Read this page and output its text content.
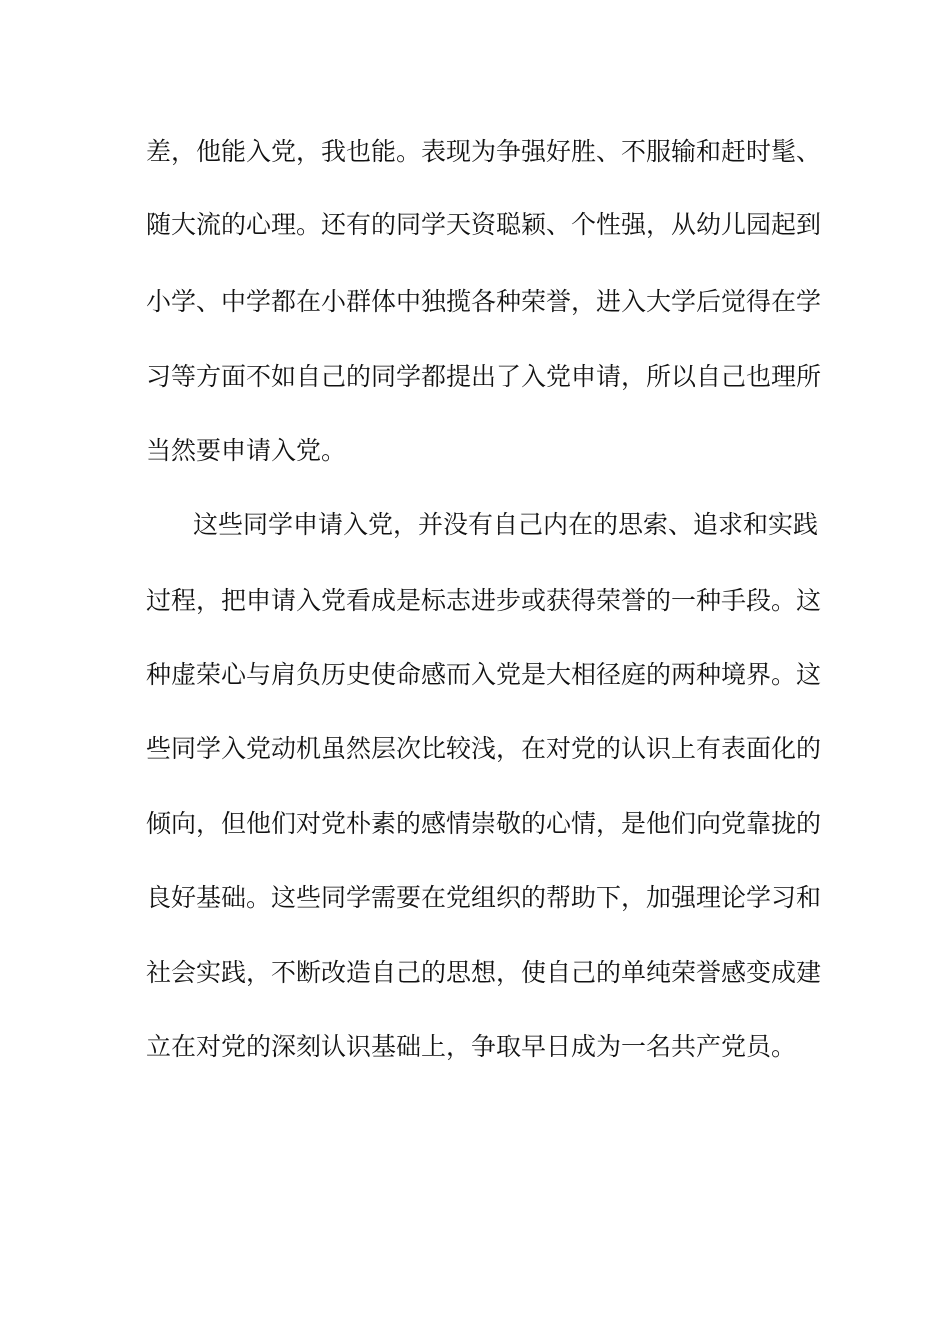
差，他能入党，我也能。表现为争强好胜、不服输和赶时髦、
随大流的心理。还有的同学天资聪颖、个性强，从幼儿园起到
小学、中学都在小群体中独揽各种荣誉，进入大学后觉得在学
习等方面不如自己的同学都提出了入党申请，所以自己也理所
当然要申请入党。
这些同学申请入党，并没有自己内在的思索、追求和实践
过程，把申请入党看成是标志进步或获得荣誉的一种手段。这
种虚荣心与肩负历史使命感而入党是大相径庭的两种境界。这
些同学入党动机虽然层次比较浅，在对党的认识上有表面化的
倾向，但他们对党朴素的感情崇敬的心情，是他们向党靠拢的
良好基础。这些同学需要在党组织的帮助下，加强理论学习和
社会实践，不断改造自己的思想，使自己的单纯荣誉感变成建
立在对党的深刻认识基础上，争取早日成为一名共产党员。
